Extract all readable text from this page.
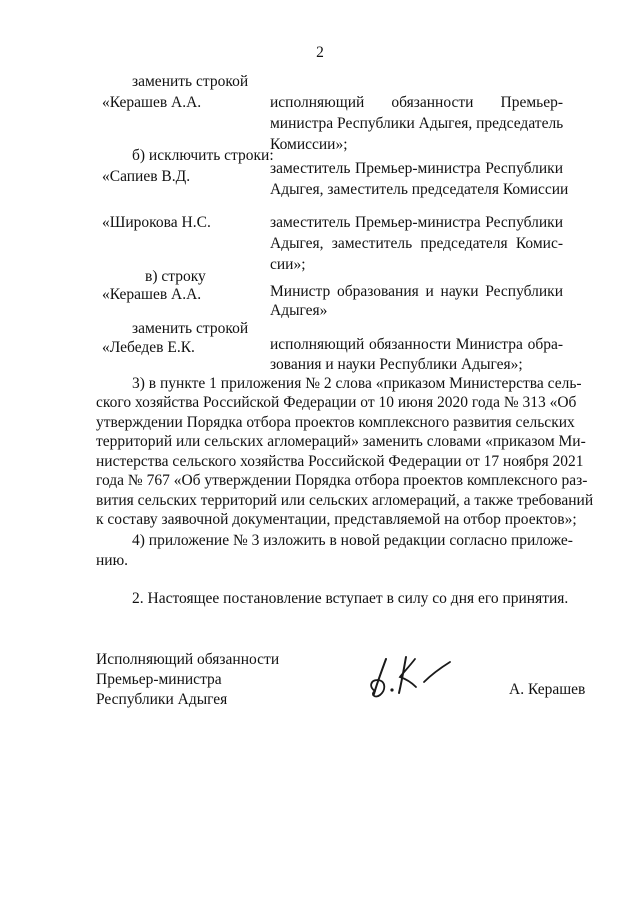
2
заменить строкой
«Керашев А.А.	исполняющий обязанности Премьер-
министра Республики Адыгея, председатель
Комиссии»;
б) исключить строки:
«Сапиев В.Д.	заместитель Премьер-министра Республики
Адыгея, заместитель председателя Комиссии
«Широкова Н.С.	заместитель Премьер-министра Республики
Адыгея, заместитель председателя Комис-
сии»;
в) строку
«Керашев А.А.	Министр образования и науки Республики
Адыгея»
заменить строкой
«Лебедев Е.К.	исполняющий обязанности Министра обра-
зования и науки Республики Адыгея»;
3) в пункте 1 приложения № 2 слова «приказом Министерства сель-
ского хозяйства Российской Федерации от 10 июня 2020 года № 313 «Об
утверждении Порядка отбора проектов комплексного развития сельских
территорий или сельских агломераций» заменить словами «приказом Ми-
нистерства сельского хозяйства Российской Федерации от 17 ноября 2021
года № 767 «Об утверждении Порядка отбора проектов комплексного раз-
вития сельских территорий или сельских агломераций, а также требований
к составу заявочной документации, представляемой на отбор проектов»;
4) приложение № 3 изложить в новой редакции согласно приложе-
нию.
2. Настоящее постановление вступает в силу со дня его принятия.
Исполняющий обязанности
Премьер-министра
Республики Адыгея
А. Керашев
